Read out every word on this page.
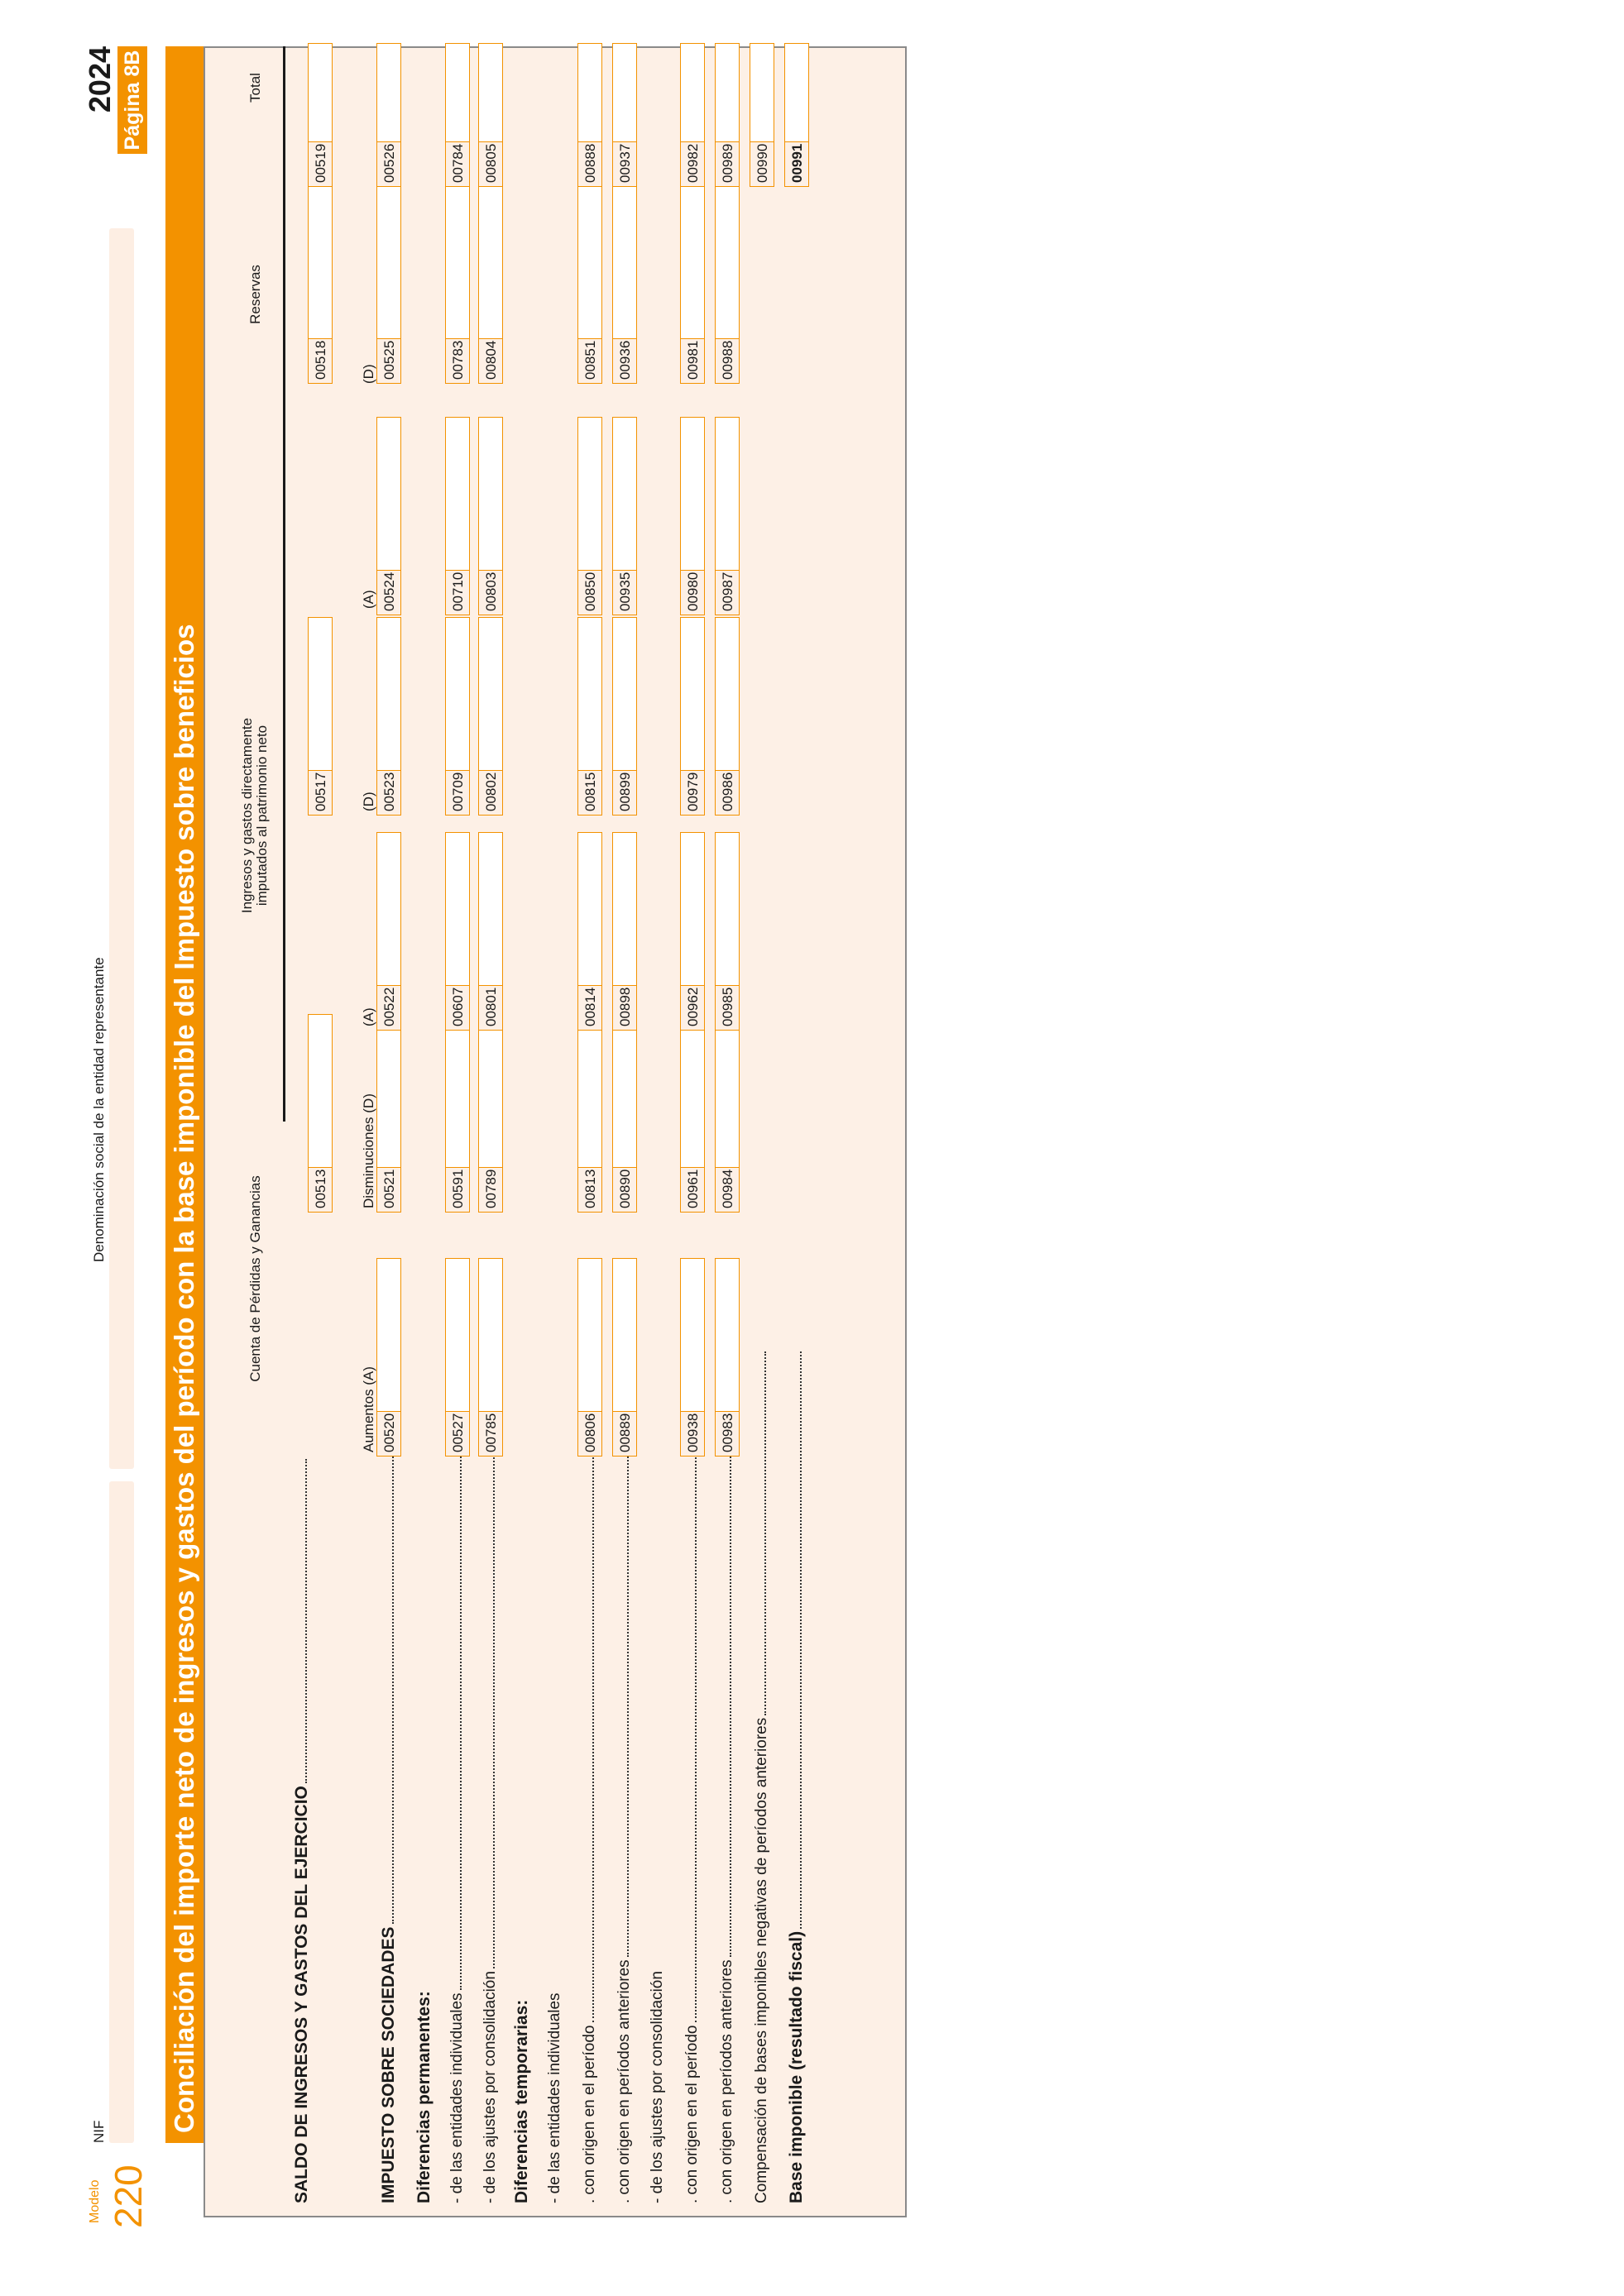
Modelo 220
NIF
Denominación social de la entidad representante
2024 Página 8B
Conciliación del importe neto de ingresos y gastos del período con la base imponible del Impuesto sobre beneficios	Cuenta de Pérdidas y Ganancias
Ingresos y gastos directamente imputados al patrimonio neto
Reservas
Total
Aumentos (A)
Disminuciones (D)
(A)
(D)
(A)
(D)
SALDO DE INGRESOS Y GASTOS DEL EJERCICIO
00513
00517
00518
00519
IMPUESTO SOBRE SOCIEDADES
00520
00521
00522
00523
00524
00525
00526
Diferencias permanentes: - de las entidades individuales
00527
00591
00607
00709
00710
00783
00784
- de los ajustes por consolidación
00785
00789
00801
00802
00803
00804
00805
Diferencias temporarias: - de las entidades individuales . con origen en el período
00806
00813
00814
00815
00850
00851
00888
. con origen en períodos anteriores
00889
00890
00898
00899
00935
00936
00937
- de los ajustes por consolidación . con origen en el período
00938
00961
00962
00979
00980
00981
00982
. con origen en períodos anteriores
00983
00984
00985
00986
00987
00988
00989
Compensación de bases imponibles negativas de períodos anteriores
00990
Base imponible (resultado fiscal)
00991
